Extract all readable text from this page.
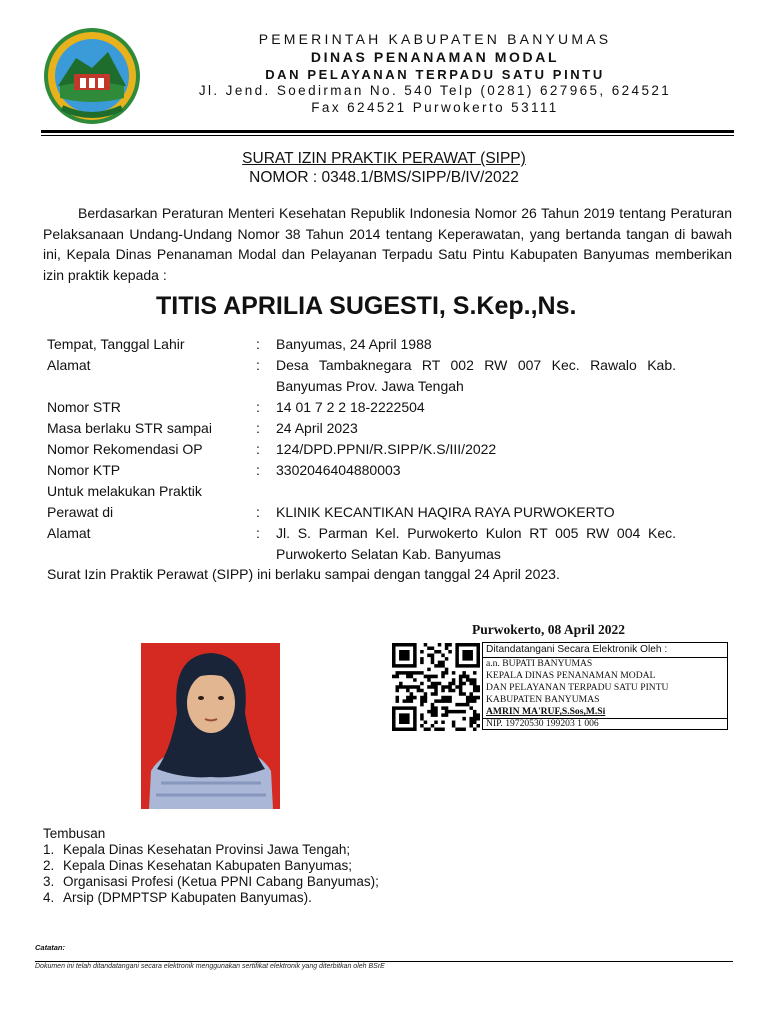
PEMERINTAH KABUPATEN BANYUMAS
DINAS PENANAMAN MODAL
DAN PELAYANAN TERPADU SATU PINTU
Jl. Jend. Soedirman No. 540 Telp (0281) 627965, 624521
Fax 624521 Purwokerto 53111
SURAT IZIN PRAKTIK PERAWAT (SIPP)
NOMOR : 0348.1/BMS/SIPP/B/IV/2022
Berdasarkan Peraturan Menteri Kesehatan Republik Indonesia Nomor 26 Tahun 2019 tentang Peraturan Pelaksanaan Undang-Undang Nomor 38 Tahun 2014 tentang Keperawatan, yang bertanda tangan di bawah ini, Kepala Dinas Penanaman Modal dan Pelayanan Terpadu Satu Pintu Kabupaten Banyumas memberikan izin praktik kepada :
TITIS APRILIA SUGESTI, S.Kep.,Ns.
Tempat, Tanggal Lahir	: Banyumas, 24 April 1988
Alamat	: Desa Tambaknegara RT 002 RW 007 Kec. Rawalo Kab. Banyumas Prov. Jawa Tengah
Nomor STR	: 14 01 7 2 2 18-2222504
Masa berlaku STR sampai	: 24 April 2023
Nomor Rekomendasi OP	: 124/DPD.PPNI/R.SIPP/K.S/III/2022
Nomor KTP	: 3302046404880003
Untuk melakukan Praktik
Perawat di	: KLINIK KECANTIKAN HAQIRA RAYA PURWOKERTO
Alamat	: Jl. S. Parman Kel. Purwokerto Kulon RT 005 RW 004 Kec. Purwokerto Selatan Kab. Banyumas
Surat Izin Praktik Perawat (SIPP) ini berlaku sampai dengan tanggal 24 April 2023.
Purwokerto, 08 April 2022
Ditandatangani Secara Elektronik Oleh :
a.n. BUPATI BANYUMAS
KEPALA DINAS PENANAMAN MODAL
DAN PELAYANAN TERPADU SATU PINTU
KABUPATEN BANYUMAS
AMRIN MA'RUF,S.Sos,M.Si
NIP. 19720530 199203 1 006
Tembusan
1. Kepala Dinas Kesehatan Provinsi Jawa Tengah;
2. Kepala Dinas Kesehatan Kabupaten Banyumas;
3. Organisasi Profesi (Ketua PPNI Cabang Banyumas);
4. Arsip (DPMPTSP Kabupaten Banyumas).
Catatan:
Dokumen ini telah ditandatangani secara elektronik menggunakan sertifikat elektronik yang diterbitkan oleh BSrE
